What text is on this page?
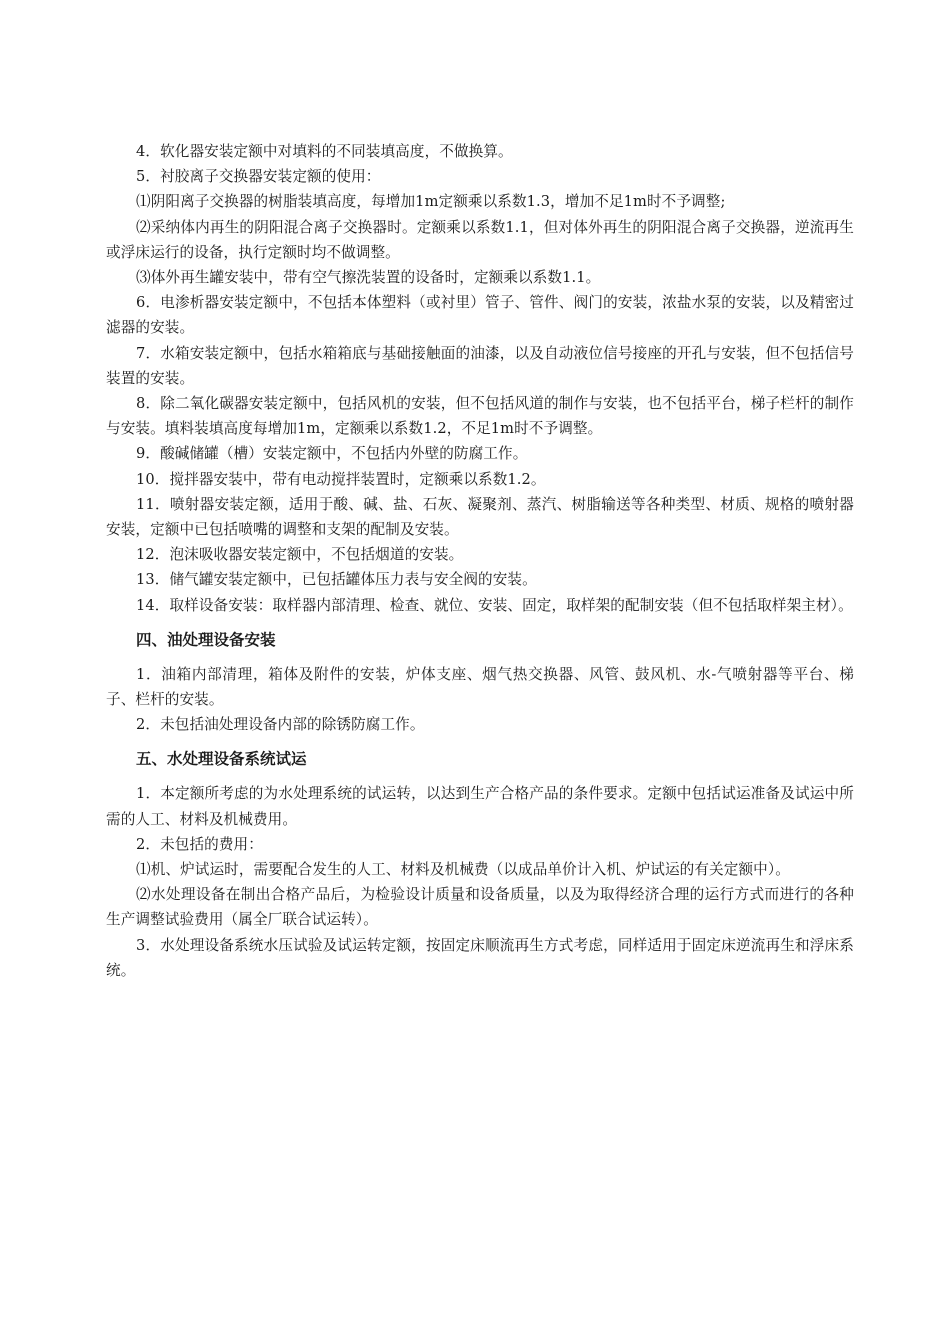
4．软化器安装定额中对填料的不同装填高度，不做换算。

5．衬胶离子交换器安装定额的使用：

⑴阴阳离子交换器的树脂装填高度，每增加1m定额乘以系数1.3，增加不足1m时不予调整;

⑵采纳体内再生的阴阳混合离子交换器时。定额乘以系数1.1，但对体外再生的阴阳混合离子交换器，逆流再生或浮床运行的设备，执行定额时均不做调整。

⑶体外再生罐安装中，带有空气擦洗装置的设备时，定额乘以系数1.1。

6．电渗析器安装定额中，不包括本体塑料（或衬里）管子、管件、阀门的安装，浓盐水泵的安装，以及精密过滤器的安装。

7．水箱安装定额中，包括水箱箱底与基础接触面的油漆，以及自动液位信号接座的开孔与安装，但不包括信号装置的安装。

8．除二氧化碳器安装定额中，包括风机的安装，但不包括风道的制作与安装，也不包括平台，梯子栏杆的制作与安装。填料装填高度每增加1m，定额乘以系数1.2，不足1m时不予调整。

9．酸碱储罐（槽）安装定额中，不包括内外壁的防腐工作。

10．搅拌器安装中，带有电动搅拌装置时，定额乘以系数1.2。

11．喷射器安装定额，适用于酸、碱、盐、石灰、凝聚剂、蒸汽、树脂输送等各种类型、材质、规格的喷射器安装，定额中已包括喷嘴的调整和支架的配制及安装。

12．泡沫吸收器安装定额中，不包括烟道的安装。

13．储气罐安装定额中，已包括罐体压力表与安全阀的安装。

14．取样设备安装：取样器内部清理、检查、就位、安装、固定，取样架的配制安装（但不包括取样架主材）。

四、油处理设备安装

1．油箱内部清理，箱体及附件的安装，炉体支座、烟气热交换器、风管、鼓风机、水-气喷射器等平台、梯子、栏杆的安装。

2．未包括油处理设备内部的除锈防腐工作。

五、水处理设备系统试运

1．本定额所考虑的为水处理系统的试运转，以达到生产合格产品的条件要求。定额中包括试运准备及试运中所需的人工、材料及机械费用。

2．未包括的费用：

⑴机、炉试运时，需要配合发生的人工、材料及机械费（以成品单价计入机、炉试运的有关定额中）。

⑵水处理设备在制出合格产品后，为检验设计质量和设备质量，以及为取得经济合理的运行方式而进行的各种生产调整试验费用（属全厂联合试运转）。

3．水处理设备系统水压试验及试运转定额，按固定床顺流再生方式考虑，同样适用于固定床逆流再生和浮床系统。
